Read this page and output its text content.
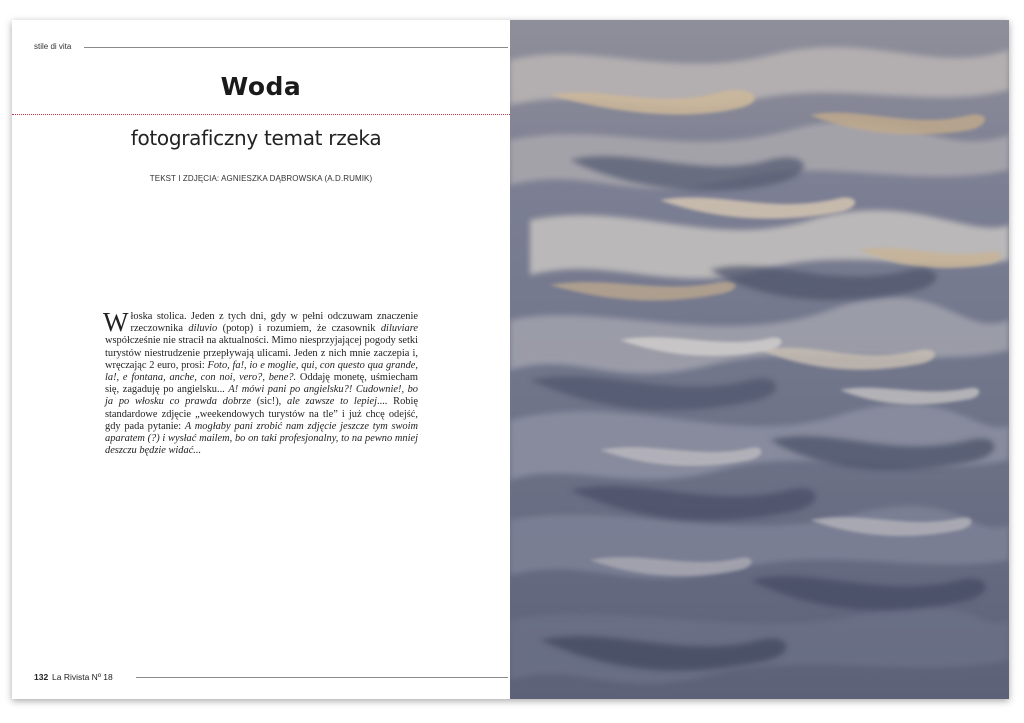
stile di vita
Woda
fotograficzny temat rzeka
TEKST I ZDJĘCIA: AGNIESZKA DĄBROWSKA (A.D.RUMIK)
W łoska stolica. Jeden z tych dni, gdy w pełni odczuwam znaczenie rzeczownika diluvio (potop) i rozumiem, że czasownik diluviare współcześnie nie stracił na aktualności. Mimo niesprzyjającej pogody setki turystów niestrudzenie przepływają ulicami. Jeden z nich mnie zaczepia i, wręczając 2 euro, prosi: Foto, fa!, io e moglie, qui, con questo qua grande, la!, e fontana, anche, con noi, vero?, bene?. Oddaję monetę, uśmiecham się, zagaduję po angielsku... A! mówi pani po angielsku?! Cudownie!, bo ja po włosku co prawda dobrze (sic!), ale zawsze to lepiej.... Robię standardowe zdjęcie „weekendowych turystów na tle” i już chcę odejść, gdy pada pytanie: A mogłaby pani zrobić nam zdjęcie jeszcze tym swoim aparatem (?) i wysłać mailem, bo on taki profesjonalny, to na pewno mniej deszczu będzie widać...
132 La Rivista Nº 18
